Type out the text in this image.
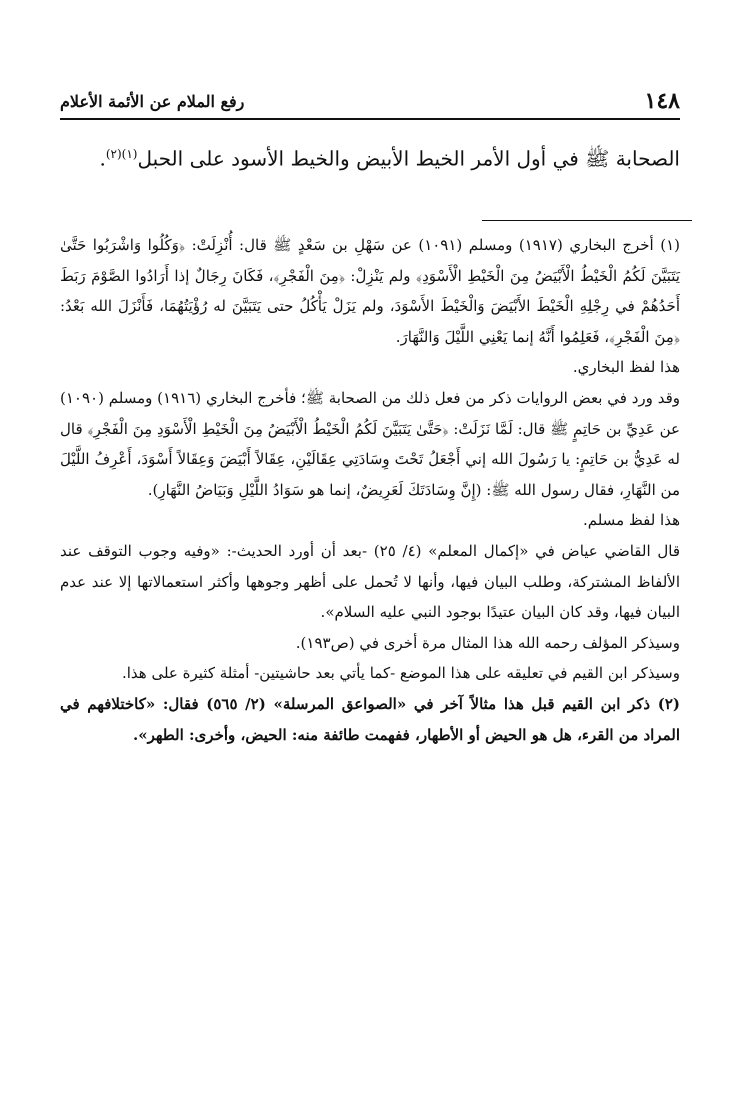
١٤٨
رفع الملام عن الأئمة الأعلام
الصحابة ﷺ في أول الأمر الخيط الأبيض والخيط الأسود على الحبل$^{(١)(٢)}$.

(١) أخرج البخاري (١٩١٧) ومسلم (١٠٩١) عن سَهْلِ بن سَعْدٍ ﷺ قال: أُنْزِلَتْ: ﴿وَكُلُوا وَاشْرَبُوا حَتَّىٰ يَتَبَيَّنَ لَكُمُ الْخَيْطُ الْأَبْيَضُ مِنَ الْخَيْطِ الْأَسْوَدِ﴾ ولم يَنْزِلْ: ﴿مِنَ الْفَجْرِ﴾، فَكَانَ رِجَالٌ إذا أَرَادُوا الصَّوْمَ رَبَطَ أَحَدُهُمْ في رِجْلِهِ الْخَيْطَ الأَبْيَضَ وَالْخَيْطَ الأَسْوَدَ، ولم يَزَلْ يَأْكُلُ حتى يَتَبَيَّنَ له رُؤْيَتُهُمَا، فَأَنْزَلَ الله بَعْدُ: ﴿مِنَ الْفَجْرِ﴾، فَعَلِمُوا أَنَّهُ إنما يَعْنِي اللَّيْلَ وَالنَّهَارَ.

هذا لفظ البخاري.

وقد ورد في بعض الروايات ذكر من فعل ذلك من الصحابة ﷺ؛ فأخرج البخاري (١٩١٦) ومسلم (١٠٩٠) عن عَدِيِّ بن حَاتِمٍ ﷺ قال: لَمَّا نَزَلَتْ: ﴿حَتَّىٰ يَتَبَيَّنَ لَكُمُ الْخَيْطُ الْأَبْيَضُ مِنَ الْخَيْطِ الْأَسْوَدِ مِنَ الْفَجْرِ﴾ قال له عَدِيُّ بن حَاتِمٍ: يا رَسُولَ الله إني أَجْعَلُ تَحْتَ وِسَادَتِي عِقَالَيْنِ، عِقَالاً أَبْيَضَ وَعِقَالاً أَسْوَدَ، أَعْرِفُ اللَّيْلَ من النَّهَارِ، فقال رسول الله ﷺ: (إِنَّ وِسَادَتَكَ لَعَرِيضٌ، إنما هو سَوَادُ اللَّيْلِ وَبَيَاضُ النَّهَارِ).

هذا لفظ مسلم.

قال القاضي عياض في «إكمال المعلم» (٤/ ٢٥) -بعد أن أورد الحديث-: «وفيه وجوب التوقف عند الألفاظ المشتركة، وطلب البيان فيها، وأنها لا تُحمل على أظهر وجوهها وأكثر استعمالاتها إلا عند عدم البيان فيها، وقد كان البيان عتيدًا بوجود النبي عليه السلام».

وسيذكر المؤلف رحمه الله هذا المثال مرة أخرى في (ص١٩٣).

وسيذكر ابن القيم في تعليقه على هذا الموضع -كما يأتي بعد حاشيتين- أمثلة كثيرة على هذا.

(٢) ذكر ابن القيم قبل هذا مثالاً آخر في «الصواعق المرسلة» (٢/ ٥٦٥) فقال: «كاختلافهم في المراد من القرء، هل هو الحيض أو الأطهار، ففهمت طائفة منه: الحيض، وأخرى: الطهر».
